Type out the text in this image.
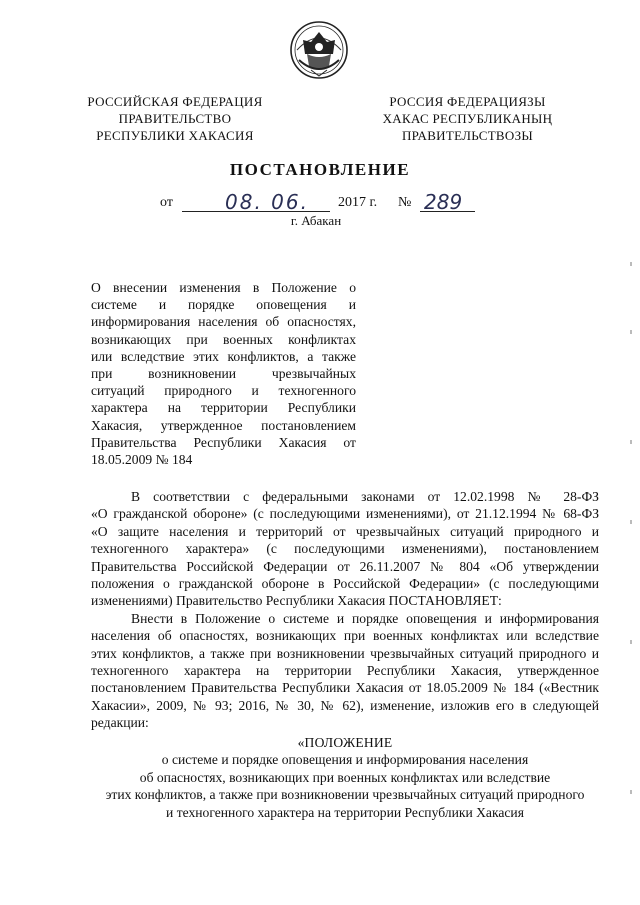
РОССИЙСКАЯ ФЕДЕРАЦИЯ
ПРАВИТЕЛЬСТВО
РЕСПУБЛИКИ ХАКАСИЯ
РОССИЯ ФЕДЕРАЦИЯЗЫ
ХАКАС РЕСПУБЛИКАНЫҢ
ПРАВИТЕЛЬСТВОЗЫ
ПОСТАНОВЛЕНИЕ
от	08. 06. 2017 г. № 289
г. Абакан
О внесении изменения в Положение о
системе и порядке оповещения и
информирования населения об опасностях,
возникающих при военных конфликтах
или вследствие этих конфликтов, а также
при возникновении чрезвычайных
ситуаций природного и техногенного
характера на территории Республики
Хакасия, утвержденное постановлением
Правительства Республики Хакасия от
18.05.2009 № 184
В соответствии с федеральными законами от 12.02.1998 № 28-ФЗ
«О гражданской обороне» (с последующими изменениями), от 21.12.1994 № 68-ФЗ
«О защите населения и территорий от чрезвычайных ситуаций природного и
техногенного характера» (с последующими изменениями), постановлением
Правительства Российской Федерации от 26.11.2007 № 804 «Об утверждении
положения о гражданской обороне в Российской Федерации» (с последующими
изменениями) Правительство Республики Хакасия ПОСТАНОВЛЯЕТ:
Внести в Положение о системе и порядке оповещения и информирования
населения об опасностях, возникающих при военных конфликтах или вследствие
этих конфликтов, а также при возникновении чрезвычайных ситуаций природного и
техногенного характера на территории Республики Хакасия, утвержденное
постановлением Правительства Республики Хакасия от 18.05.2009 № 184 («Вестник
Хакасии», 2009, № 93; 2016, № 30, № 62), изменение, изложив его в следующей
редакции:
«ПОЛОЖЕНИЕ
о системе и порядке оповещения и информирования населения
об опасностях, возникающих при военных конфликтах или вследствие
этих конфликтов, а также при возникновении чрезвычайных ситуаций природного
и техногенного характера на территории Республики Хакасия
